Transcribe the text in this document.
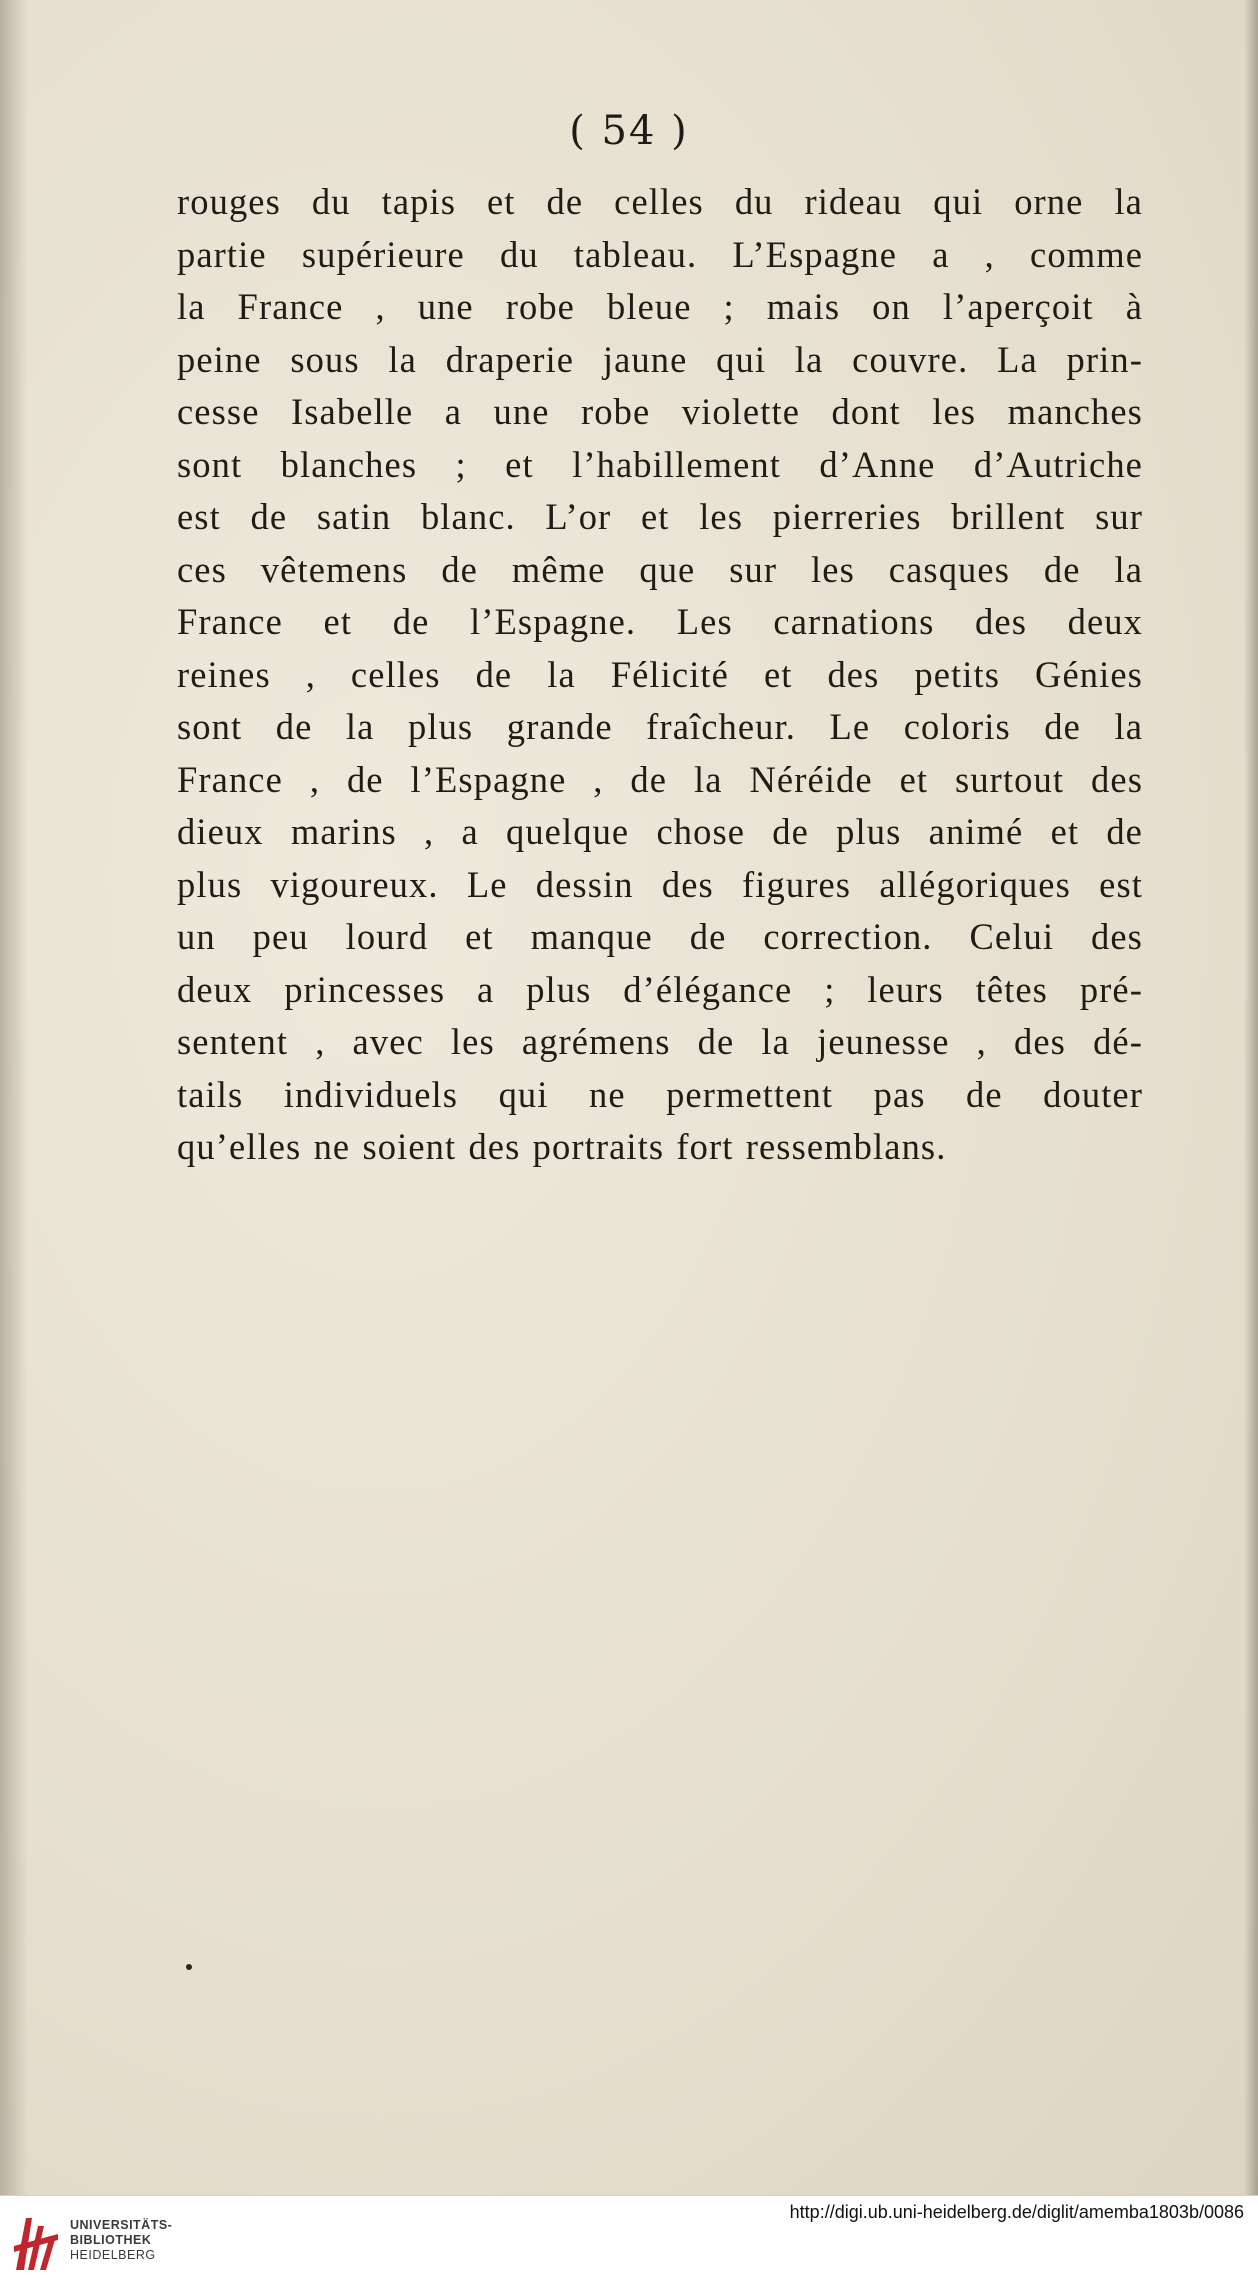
( 54 )
rouges du tapis et de celles du rideau qui orne la
partie supérieure du tableau. L’Espagne a , comme
la France , une robe bleue ; mais on l’aperçoit à
peine sous la draperie jaune qui la couvre. La prin-
cesse Isabelle a une robe violette dont les manches
sont blanches ; et l’habillement d’Anne d’Autriche
est de satin blanc. L’or et les pierreries brillent sur
ces vêtemens de même que sur les casques de la
France et de l’Espagne. Les carnations des deux
reines , celles de la Félicité et des petits Génies
sont de la plus grande fraîcheur. Le coloris de la
France , de l’Espagne , de la Néréide et surtout des
dieux marins , a quelque chose de plus animé et de
plus vigoureux. Le dessin des figures allégoriques est
un peu lourd et manque de correction. Celui des
deux princesses a plus d’élégance ; leurs têtes pré-
sentent , avec les agrémens de la jeunesse , des dé-
tails individuels qui ne permettent pas de douter
qu’elles ne soient des portraits fort ressemblans.
UNIVERSITÄTS-
BIBLIOTHEK
HEIDELBERG
http://digi.ub.uni-heidelberg.de/diglit/amemba1803b/0086
